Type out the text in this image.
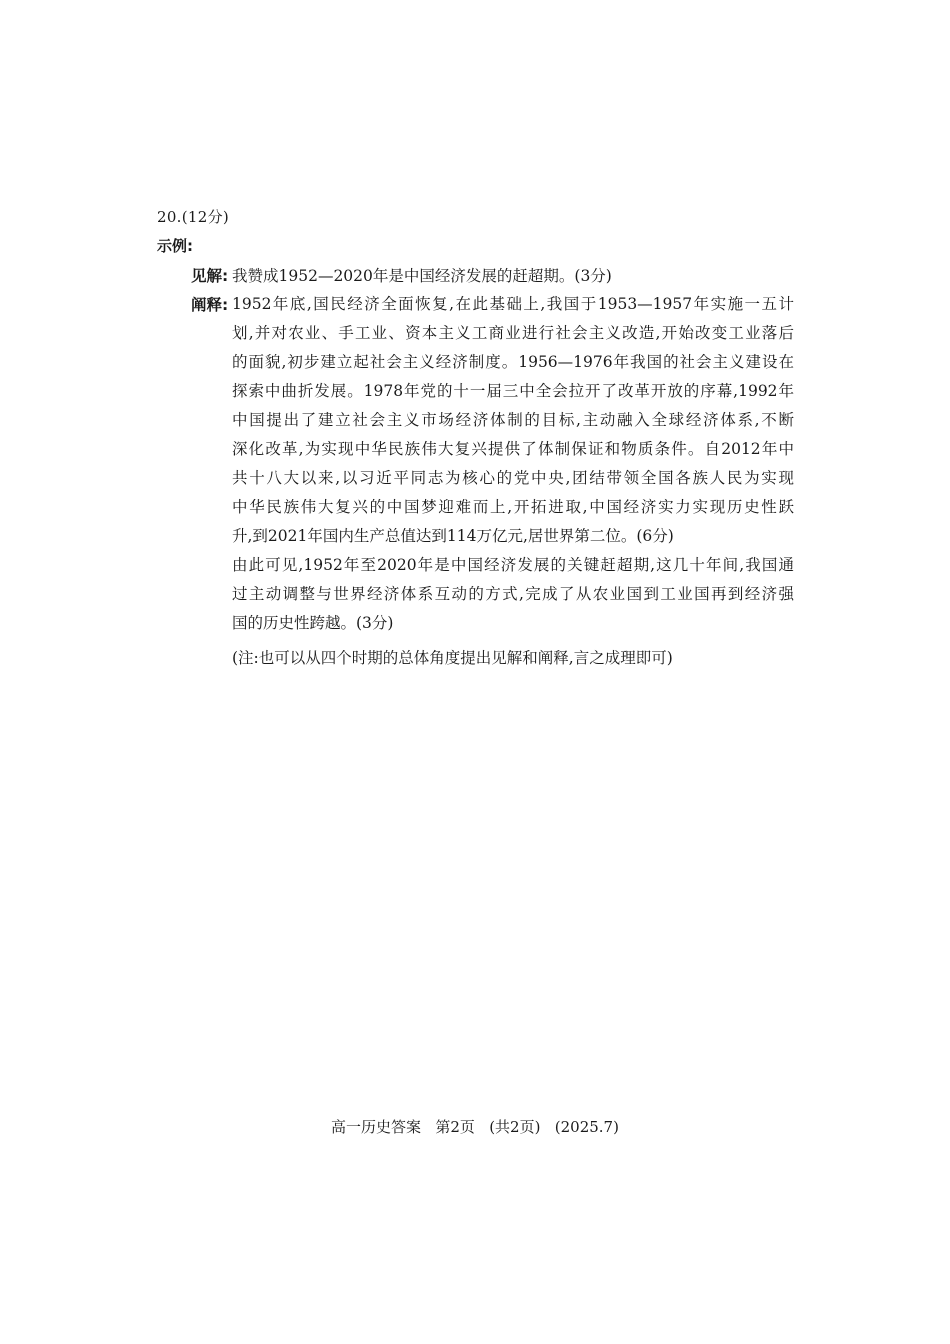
20.(12分)
示例:
见解: 我赞成1952—2020年是中国经济发展的赶超期。(3分)
阐释: 1952年底,国民经济全面恢复,在此基础上,我国于1953—1957年实施一五计
划,并对农业、手工业、资本主义工商业进行社会主义改造,开始改变工业落后
的面貌,初步建立起社会主义经济制度。1956—1976年我国的社会主义建设在
探索中曲折发展。1978年党的十一届三中全会拉开了改革开放的序幕,1992年
中国提出了建立社会主义市场经济体制的目标,主动融入全球经济体系,不断
深化改革,为实现中华民族伟大复兴提供了体制保证和物质条件。自2012年中
共十八大以来,以习近平同志为核心的党中央,团结带领全国各族人民为实现
中华民族伟大复兴的中国梦迎难而上,开拓进取,中国经济实力实现历史性跃
升,到2021年国内生产总值达到114万亿元,居世界第二位。(6分)
由此可见,1952年至2020年是中国经济发展的关键赶超期,这几十年间,我国通
过主动调整与世界经济体系互动的方式,完成了从农业国到工业国再到经济强
国的历史性跨越。(3分)
(注:也可以从四个时期的总体角度提出见解和阐释,言之成理即可)
高一历史答案 第2页 (共2页) (2025.7)
